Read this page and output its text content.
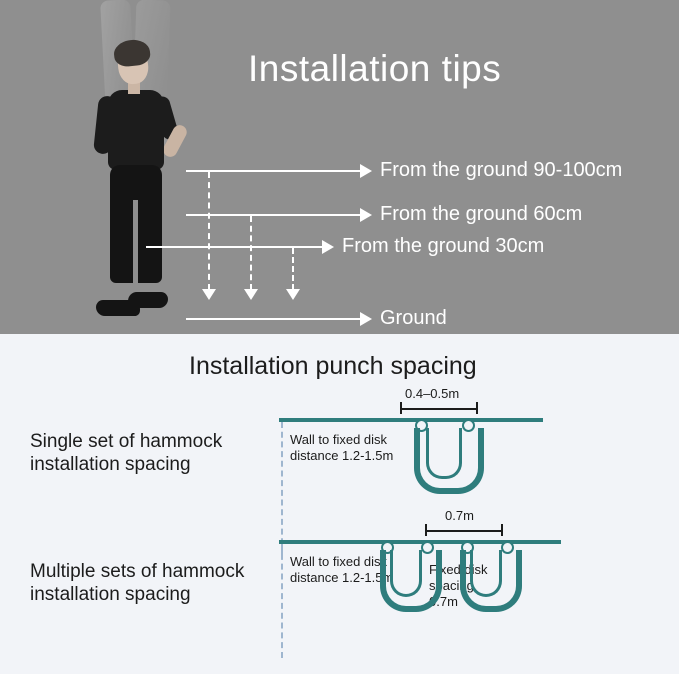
Installation tips
From the ground 90-100cm
From the ground 60cm
From the ground 30cm
Ground
Installation punch spacing
Single set of hammock
installation spacing
0.4–0.5m
Wall to fixed disk
distance 1.2-1.5m
Multiple sets of hammock
installation spacing
0.7m
Wall to fixed disk
distance 1.2-1.5m
Fixed disk
spacing
0.7m
